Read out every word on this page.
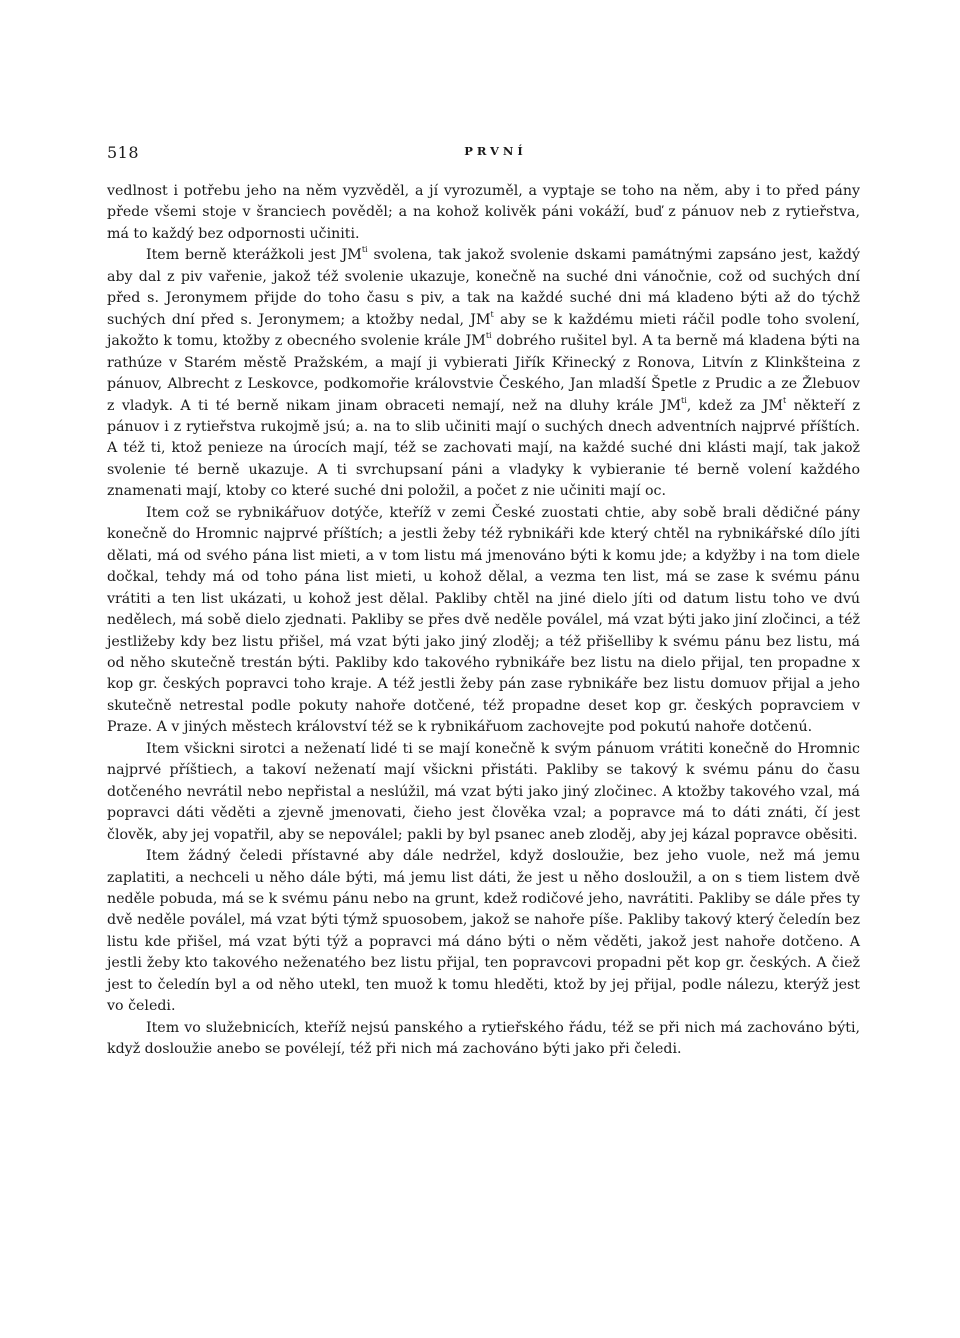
518	PRVNÍ

vedlnost i potřebu jeho na něm vyzvěděl, a jí vyrozuměl, a vyptaje se toho na něm, aby i to před pány přede všemi stoje v šranciech pověděl; a na kohož kolivěk páni vokáží, buď z pánuov neb z rytieřstva, má to každý bez odpornosti učiniti.

Item berně kterážkoli jest $JM^{ti}$ svolena, tak jakož svolenie dskami památnými zapsáno jest, každý aby dal z piv vařenie, jakož též svolenie ukazuje, konečně na suché dni vánočnie, což od suchých dní před s. Jeronymem přijde do toho času s piv, a tak na každé suché dni má kladeno býti až do týchž suchých dní před s. Jeronymem; a ktožby nedal, $JM^t$ aby se k každému mieti ráčil podle toho svolení, jakožto k tomu, ktožby z obecného svolenie krále $JM^{ti}$ dobrého rušitel byl. A ta berně má kladena býti na rathúze v Starém městě Pražském, a mají ji vybierati Jiřík Křinecký z Ronova, Litvín z Klinkšteina z pánuov, Albrecht z Leskovce, podkomořie královstvie Českého, Jan mladší Špetle z Prudic a ze Žlebuov z vladyk. A ti té berně nikam jinam obraceti nemají, než na dluhy krále $JM^{ti}$, kdež za $JM^t$ někteří z pánuov i z rytieřstva rukojmě jsú; a. na to slib učiniti mají o suchých dnech adventních najprvé příštích. A též ti, ktož penieze na úrocích mají, též se zachovati mají, na každé suché dni klásti mají, tak jakož svolenie té berně ukazuje. A ti svrchupsaní páni a vladyky k vybieranie té berně volení každého znamenati mají, ktoby co které suché dni položil, a počet z nie učiniti mají oc.

Item což se rybnikářuov dotýče, kteříž v zemi České zuostati chtie, aby sobě brali dědičné pány konečně do Hromnic najprvé příštích; a jestli žeby též rybnikáři kde který chtěl na rybnikářské dílo jíti dělati, má od svého pána list mieti, a v tom listu má jmenováno býti k komu jde; a kdyžby i na tom diele dočkal, tehdy má od toho pána list mieti, u kohož dělal, a vezma ten list, má se zase k svému pánu vrátiti a ten list ukázati, u kohož jest dělal. Pakliby chtěl na jiné dielo jíti od datum listu toho ve dvú nedělech, má sobě dielo zjednati. Pakliby se přes dvě neděle poválel, má vzat býti jako jiní zločinci, a též jestližeby kdy bez listu přišel, má vzat býti jako jiný zloděj; a též přišelliby k svému pánu bez listu, má od něho skutečně trestán býti. Pakliby kdo takového rybnikáře bez listu na dielo přijal, ten propadne x kop gr. českých popravci toho kraje. A též jestli žeby pán zase rybnikáře bez listu domuov přijal a jeho skutečně netrestal podle pokuty nahoře dotčené, též propadne deset kop gr. českých popravciem v Praze. A v jiných městech království též se k rybnikářuom zachovejte pod pokutú nahoře dotčenú.

Item všickni sirotci a neženatí lidé ti se mají konečně k svým pánuom vrátiti konečně do Hromnic najprvé příštiech, a takoví neženatí mají všickni přistáti. Pakliby se takový k svému pánu do času dotčeného nevrátil nebo nepřistal a neslúžil, má vzat býti jako jiný zločinec. A ktožby takového vzal, má popravci dáti věděti a zjevně jmenovati, čieho jest člověka vzal; a popravce má to dáti znáti, čí jest člověk, aby jej vopatřil, aby se nepoválel; pakli by byl psanec aneb zloděj, aby jej kázal popravce oběsiti.

Item žádný čeledi přístavné aby dále nedržel, když dosloužie, bez jeho vuole, než má jemu zaplatiti, a nechceli u něho dále býti, má jemu list dáti, že jest u něho dosloužil, a on s tiem listem dvě neděle pobuda, má se k svému pánu nebo na grunt, kdež rodičové jeho, navrátiti. Pakliby se dále přes ty dvě neděle poválel, má vzat býti týmž spuosobem, jakož se nahoře píše. Pakliby takový který čeledín bez listu kde přišel, má vzat býti týž a popravci má dáno býti o něm věděti, jakož jest nahoře dotčeno. A jestli žeby kto takového neženatého bez listu přijal, ten popravcovi propadni pět kop gr. českých. A čiež jest to čeledín byl a od něho utekl, ten muož k tomu hleděti, ktož by jej přijal, podle nálezu, kterýž jest vo čeledi.

Item vo služebnicích, kteříž nejsú panského a rytieřského řádu, též se při nich má zachováno býti, když dosloužie anebo se povélejí, též při nich má zachováno býti jako při čeledi.
